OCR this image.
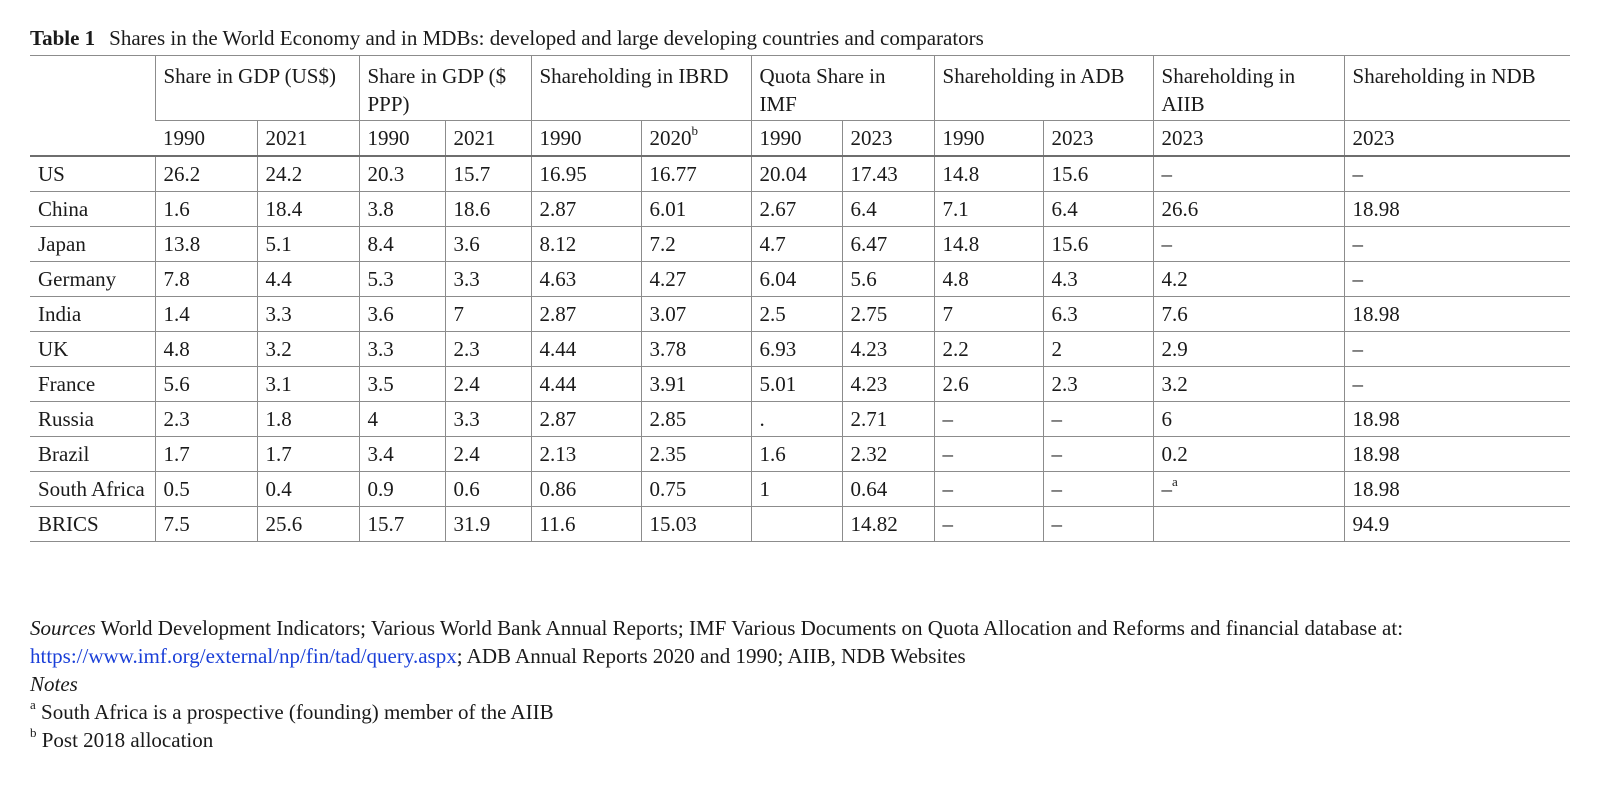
Table 1 Shares in the World Economy and in MDBs: developed and large developing countries and comparators
	Share in GDP (US$)		Share in GDP ($ PPP)		Shareholding in IBRD		Quota Share in IMF		Shareholding in ADB		Shareholding in AIIB	Shareholding in NDB
	1990	2021	1990	2021	1990	2020$^b$	1990	2023	1990	2023	2023	2023
US	26.2	24.2	20.3	15.7	16.95	16.77	20.04	17.43	14.8	15.6	–	–
China	1.6	18.4	3.8	18.6	2.87	6.01	2.67	6.4	7.1	6.4	26.6	18.98
Japan	13.8	5.1	8.4	3.6	8.12	7.2	4.7	6.47	14.8	15.6	–	–
Germany	7.8	4.4	5.3	3.3	4.63	4.27	6.04	5.6	4.8	4.3	4.2	–
India	1.4	3.3	3.6	7	2.87	3.07	2.5	2.75	7	6.3	7.6	18.98
UK	4.8	3.2	3.3	2.3	4.44	3.78	6.93	4.23	2.2	2	2.9	–
France	5.6	3.1	3.5	2.4	4.44	3.91	5.01	4.23	2.6	2.3	3.2	–
Russia	2.3	1.8	4	3.3	2.87	2.85	.	2.71	–	–	6	18.98
Brazil	1.7	1.7	3.4	2.4	2.13	2.35	1.6	2.32	–	–	0.2	18.98
South Africa	0.5	0.4	0.9	0.6	0.86	0.75	1	0.64	–	–	–$^a$	18.98
BRICS	7.5	25.6	15.7	31.9	11.6	15.03		14.82	–	–		94.9

Sources World Development Indicators; Various World Bank Annual Reports; IMF Various Documents on Quota Allocation and Reforms and financial database at: https://www.imf.org/external/np/fin/tad/query.aspx; ADB Annual Reports 2020 and 1990; AIIB, NDB Websites

Notes

$^a$ South Africa is a prospective (founding) member of the AIIB

$^b$ Post 2018 allocation
